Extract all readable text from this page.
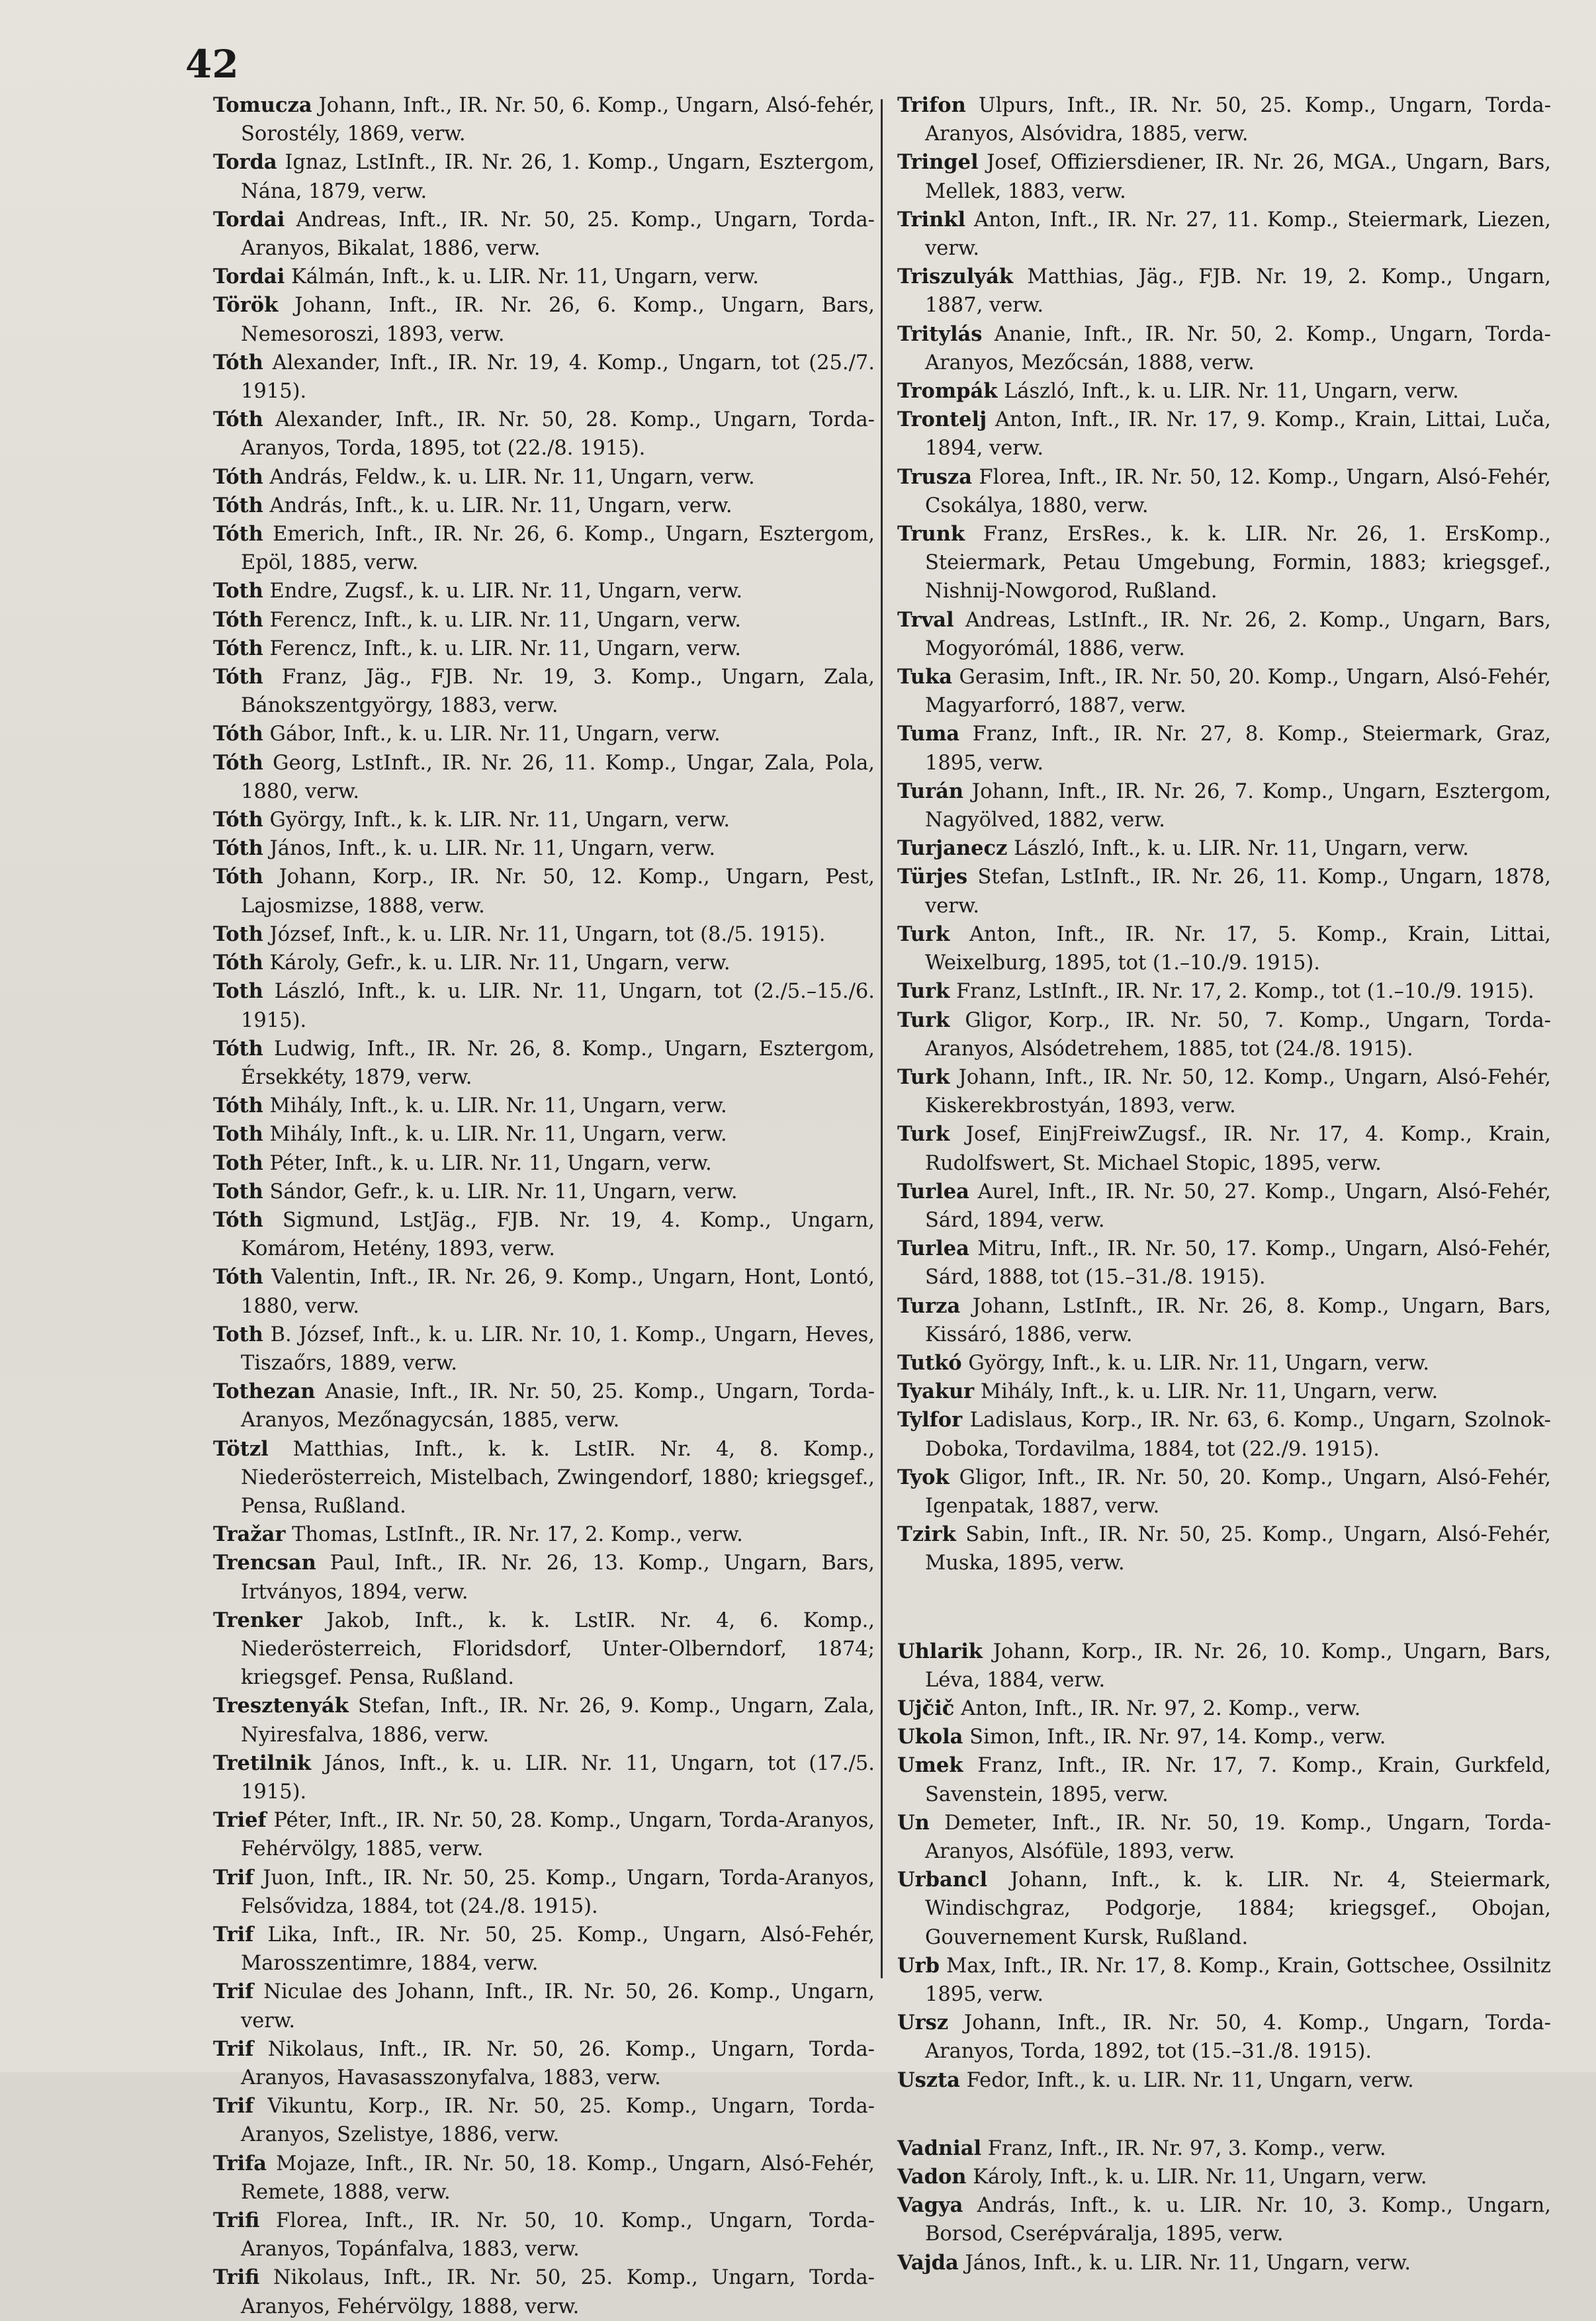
42

Tomucza Johann, Inft., IR. Nr. 50, 6. Komp., Ungarn, Alsó-fehér, Sorostély, 1869, verw.

Torda Ignaz, LstInft., IR. Nr. 26, 1. Komp., Ungarn, Esztergom, Nána, 1879, verw.

Tordai Andreas, Inft., IR. Nr. 50, 25. Komp., Ungarn, Torda-Aranyos, Bikalat, 1886, verw.

Tordai Kálmán, Inft., k. u. LIR. Nr. 11, Ungarn, verw.

Török Johann, Inft., IR. Nr. 26, 6. Komp., Ungarn, Bars, Nemesoroszi, 1893, verw.

Tóth Alexander, Inft., IR. Nr. 19, 4. Komp., Ungarn, tot (25./7. 1915).

Tóth Alexander, Inft., IR. Nr. 50, 28. Komp., Ungarn, Torda-Aranyos, Torda, 1895, tot (22./8. 1915).

Tóth András, Feldw., k. u. LIR. Nr. 11, Ungarn, verw.

Tóth András, Inft., k. u. LIR. Nr. 11, Ungarn, verw.

Tóth Emerich, Inft., IR. Nr. 26, 6. Komp., Ungarn, Esztergom, Epöl, 1885, verw.

Toth Endre, Zugsf., k. u. LIR. Nr. 11, Ungarn, verw.

Tóth Ferencz, Inft., k. u. LIR. Nr. 11, Ungarn, verw.

Tóth Ferencz, Inft., k. u. LIR. Nr. 11, Ungarn, verw.

Tóth Franz, Jäg., FJB. Nr. 19, 3. Komp., Ungarn, Zala, Bánokszentgyörgy, 1883, verw.

Tóth Gábor, Inft., k. u. LIR. Nr. 11, Ungarn, verw.

Tóth Georg, LstInft., IR. Nr. 26, 11. Komp., Ungar, Zala, Pola, 1880, verw.

Tóth György, Inft., k. k. LIR. Nr. 11, Ungarn, verw.

Tóth János, Inft., k. u. LIR. Nr. 11, Ungarn, verw.

Tóth Johann, Korp., IR. Nr. 50, 12. Komp., Ungarn, Pest, Lajosmizse, 1888, verw.

Toth József, Inft., k. u. LIR. Nr. 11, Ungarn, tot (8./5. 1915).

Tóth Károly, Gefr., k. u. LIR. Nr. 11, Ungarn, verw.

Toth László, Inft., k. u. LIR. Nr. 11, Ungarn, tot (2./5.–15./6. 1915).

Tóth Ludwig, Inft., IR. Nr. 26, 8. Komp., Ungarn, Esztergom, Érsekkéty, 1879, verw.

Tóth Mihály, Inft., k. u. LIR. Nr. 11, Ungarn, verw.

Toth Mihály, Inft., k. u. LIR. Nr. 11, Ungarn, verw.

Toth Péter, Inft., k. u. LIR. Nr. 11, Ungarn, verw.

Toth Sándor, Gefr., k. u. LIR. Nr. 11, Ungarn, verw.

Tóth Sigmund, LstJäg., FJB. Nr. 19, 4. Komp., Ungarn, Komárom, Hetény, 1893, verw.

Tóth Valentin, Inft., IR. Nr. 26, 9. Komp., Ungarn, Hont, Lontó, 1880, verw.

Toth B. József, Inft., k. u. LIR. Nr. 10, 1. Komp., Ungarn, Heves, Tiszaőrs, 1889, verw.

Tothezan Anasie, Inft., IR. Nr. 50, 25. Komp., Ungarn, Torda-Aranyos, Mezőnagycsán, 1885, verw.

Tötzl Matthias, Inft., k. k. LstIR. Nr. 4, 8. Komp., Niederösterreich, Mistelbach, Zwingendorf, 1880; kriegsgef., Pensa, Rußland.

Tražar Thomas, LstInft., IR. Nr. 17, 2. Komp., verw.

Trencsan Paul, Inft., IR. Nr. 26, 13. Komp., Ungarn, Bars, Irtványos, 1894, verw.

Trenker Jakob, Inft., k. k. LstIR. Nr. 4, 6. Komp., Niederösterreich, Floridsdorf, Unter-Olberndorf, 1874; kriegsgef. Pensa, Rußland.

Tresztenyák Stefan, Inft., IR. Nr. 26, 9. Komp., Ungarn, Zala, Nyiresfalva, 1886, verw.

Tretilnik János, Inft., k. u. LIR. Nr. 11, Ungarn, tot (17./5. 1915).

Trief Péter, Inft., IR. Nr. 50, 28. Komp., Ungarn, Torda-Aranyos, Fehérvölgy, 1885, verw.

Trif Juon, Inft., IR. Nr. 50, 25. Komp., Ungarn, Torda-Aranyos, Felsővidza, 1884, tot (24./8. 1915).

Trif Lika, Inft., IR. Nr. 50, 25. Komp., Ungarn, Alsó-Fehér, Marosszentimre, 1884, verw.

Trif Niculae des Johann, Inft., IR. Nr. 50, 26. Komp., Ungarn, verw.

Trif Nikolaus, Inft., IR. Nr. 50, 26. Komp., Ungarn, Torda-Aranyos, Havasasszonyfalva, 1883, verw.

Trif Vikuntu, Korp., IR. Nr. 50, 25. Komp., Ungarn, Torda-Aranyos, Szelistye, 1886, verw.

Trifa Mojaze, Inft., IR. Nr. 50, 18. Komp., Ungarn, Alsó-Fehér, Remete, 1888, verw.

Trifi Florea, Inft., IR. Nr. 50, 10. Komp., Ungarn, Torda-Aranyos, Topánfalva, 1883, verw.

Trifi Nikolaus, Inft., IR. Nr. 50, 25. Komp., Ungarn, Torda-Aranyos, Fehérvölgy, 1888, verw.

Trifon Ulpurs, Inft., IR. Nr. 50, 25. Komp., Ungarn, Torda-Aranyos, Alsóvidra, 1885, verw.

Tringel Josef, Offiziersdiener, IR. Nr. 26, MGA., Ungarn, Bars, Mellek, 1883, verw.

Trinkl Anton, Inft., IR. Nr. 27, 11. Komp., Steiermark, Liezen, verw.

Triszulyák Matthias, Jäg., FJB. Nr. 19, 2. Komp., Ungarn, 1887, verw.

Tritylás Ananie, Inft., IR. Nr. 50, 2. Komp., Ungarn, Torda-Aranyos, Mezőcsán, 1888, verw.

Trompák László, Inft., k. u. LIR. Nr. 11, Ungarn, verw.

Trontelj Anton, Inft., IR. Nr. 17, 9. Komp., Krain, Littai, Luča, 1894, verw.

Trusza Florea, Inft., IR. Nr. 50, 12. Komp., Ungarn, Alsó-Fehér, Csokálya, 1880, verw.

Trunk Franz, ErsRes., k. k. LIR. Nr. 26, 1. ErsKomp., Steiermark, Petau Umgebung, Formin, 1883; kriegsgef., Nishnij-Nowgorod, Rußland.

Trval Andreas, LstInft., IR. Nr. 26, 2. Komp., Ungarn, Bars, Mogyorómál, 1886, verw.

Tuka Gerasim, Inft., IR. Nr. 50, 20. Komp., Ungarn, Alsó-Fehér, Magyarforró, 1887, verw.

Tuma Franz, Inft., IR. Nr. 27, 8. Komp., Steiermark, Graz, 1895, verw.

Turán Johann, Inft., IR. Nr. 26, 7. Komp., Ungarn, Esztergom, Nagyölved, 1882, verw.

Turjanecz László, Inft., k. u. LIR. Nr. 11, Ungarn, verw.

Türjes Stefan, LstInft., IR. Nr. 26, 11. Komp., Ungarn, 1878, verw.

Turk Anton, Inft., IR. Nr. 17, 5. Komp., Krain, Littai, Weixelburg, 1895, tot (1.–10./9. 1915).

Turk Franz, LstInft., IR. Nr. 17, 2. Komp., tot (1.–10./9. 1915).

Turk Gligor, Korp., IR. Nr. 50, 7. Komp., Ungarn, Torda-Aranyos, Alsódetrehem, 1885, tot (24./8. 1915).

Turk Johann, Inft., IR. Nr. 50, 12. Komp., Ungarn, Alsó-Fehér, Kiskerekbrostyán, 1893, verw.

Turk Josef, EinjFreiwZugsf., IR. Nr. 17, 4. Komp., Krain, Rudolfswert, St. Michael Stopic, 1895, verw.

Turlea Aurel, Inft., IR. Nr. 50, 27. Komp., Ungarn, Alsó-Fehér, Sárd, 1894, verw.

Turlea Mitru, Inft., IR. Nr. 50, 17. Komp., Ungarn, Alsó-Fehér, Sárd, 1888, tot (15.–31./8. 1915).

Turza Johann, LstInft., IR. Nr. 26, 8. Komp., Ungarn, Bars, Kissáró, 1886, verw.

Tutkó György, Inft., k. u. LIR. Nr. 11, Ungarn, verw.

Tyakur Mihály, Inft., k. u. LIR. Nr. 11, Ungarn, verw.

Tylfor Ladislaus, Korp., IR. Nr. 63, 6. Komp., Ungarn, Szolnok-Doboka, Tordavilma, 1884, tot (22./9. 1915).

Tyok Gligor, Inft., IR. Nr. 50, 20. Komp., Ungarn, Alsó-Fehér, Igenpatak, 1887, verw.

Tzirk Sabin, Inft., IR. Nr. 50, 25. Komp., Ungarn, Alsó-Fehér, Muska, 1895, verw.

Uhlarik Johann, Korp., IR. Nr. 26, 10. Komp., Ungarn, Bars, Léva, 1884, verw.

Ujčič Anton, Inft., IR. Nr. 97, 2. Komp., verw.

Ukola Simon, Inft., IR. Nr. 97, 14. Komp., verw.

Umek Franz, Inft., IR. Nr. 17, 7. Komp., Krain, Gurkfeld, Savenstein, 1895, verw.

Un Demeter, Inft., IR. Nr. 50, 19. Komp., Ungarn, Torda-Aranyos, Alsófüle, 1893, verw.

Urbancl Johann, Inft., k. k. LIR. Nr. 4, Steiermark, Windischgraz, Podgorje, 1884; kriegsgef., Obojan, Gouvernement Kursk, Rußland.

Urb Max, Inft., IR. Nr. 17, 8. Komp., Krain, Gottschee, Ossilnitz 1895, verw.

Ursz Johann, Inft., IR. Nr. 50, 4. Komp., Ungarn, Torda-Aranyos, Torda, 1892, tot (15.–31./8. 1915).

Uszta Fedor, Inft., k. u. LIR. Nr. 11, Ungarn, verw.

Vadnial Franz, Inft., IR. Nr. 97, 3. Komp., verw.

Vadon Károly, Inft., k. u. LIR. Nr. 11, Ungarn, verw.

Vagya András, Inft., k. u. LIR. Nr. 10, 3. Komp., Ungarn, Borsod, Cserépváralja, 1895, verw.

Vajda János, Inft., k. u. LIR. Nr. 11, Ungarn, verw.
